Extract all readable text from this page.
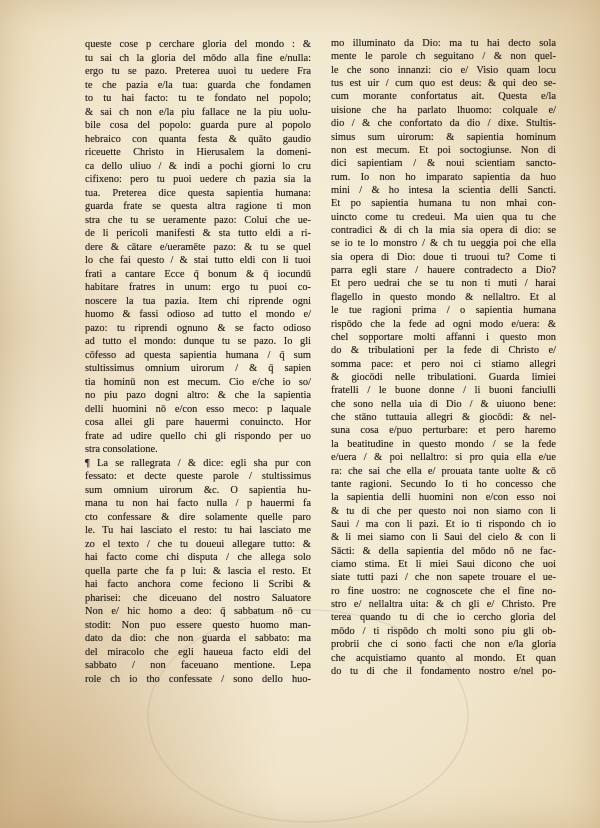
queste cose p cerchare gloria del mondo : &
tu sai ch la gloria del mōdo alla fine e/nulla:
ergo tu se pazo. Preterea uuoi tu uedere Fra
te che pazia e/la tua: guarda che fondamen
to tu hai facto: tu te fondato nel popolo;
& sai ch non e/la piu fallace ne la piu uolu-
bile cosa del popolo: guarda pure al popolo
hebraico con quanta festa & quāto gaudio
riceuette Christo in Hierusalem la domeni-
ca dello uliuo / & indi a pochi giorni lo cru
cifixeno: pero tu puoi uedere ch pazia sia la
tua. Preterea dice questa sapientia humana:
guarda frate se questa altra ragione ti mon
stra che tu se ueramente pazo: Colui che ue-
de li pericoli manifesti & sta tutto eldi a ri-
dere & cātare e/ueramēte pazo: & tu se quel
lo che fai questo / & stai tutto eldi con li tuoi
frati a cantare Ecce q̄ bonum & q̄ iocundū
habitare fratres in unum: ergo tu puoi co-
noscere la tua pazia. Item chi riprende ogni
huomo & fassi odioso ad tutto el mondo e/
pazo: tu riprendi ognuno & se facto odioso
ad tutto el mondo: dunque tu se pazo. Io gli
cōfesso ad questa sapientia humana / q̄ sum
stultissimus omnium uirorum / & q̄ sapien
tia hominū non est mecum. Cio e/che io so/
no piu pazo dogni altro: & che la sapientia
delli huomini nō e/con esso meco: p laquale
cosa allei gli pare hauermi conuincto. Hor
frate ad udire quello chi gli rispondo per uo
stra consolatione.
¶ La se rallegrata / & dice: egli sha pur con
fessato: et decte queste parole / stultissimus
sum omnium uirorum &c. O sapientia hu-
mana tu non hai facto nulla / p hauermi fa
cto confessare & dire solamente quelle paro
le. Tu hai lasciato el resto: tu hai lasciato me
zo el texto / che tu doueui allegare tutto: &
hai facto come chi disputa / che allega solo
quella parte che fa p lui: & lascia el resto. Et
hai facto anchora come feciono li Scribi &
pharisei: che diceuano del nostro Saluatore
Non e/ hic homo a deo: q̄ sabbatum nō cu
stodit: Non puo essere questo huomo man-
dato da dio: che non guarda el sabbato: ma
del miracolo che egli haueua facto eldi del
sabbato / non faceuano mentione. Lepa
role ch io tho confessate / sono dello huo-
mo illuminato da Dio: ma tu hai decto sola
mente le parole ch seguitano / & non quel-
le che sono innanzi: cio e/ Visio quam locu
tus est uir / cum quo est deus: & qui deo se-
cum morante confortatus ait. Questa e/la
uisione che ha parlato lhuomo: colquale e/
dio / & che confortato da dio / dixe. Stultis-
simus sum uirorum: & sapientia hominum
non est mecum. Et poi soctogiunse. Non di
dici sapientiam / & noui scientiam sancto-
rum. Io non ho imparato sapientia da huo
mini / & ho intesa la scientia delli Sancti.
Et po sapientia humana tu non mhai con-
uincto come tu credeui. Ma uien qua tu che
contradici & di ch la mia sia opera di dio: se
se io te lo monstro / & ch tu ueggia poi che ella
sia opera di Dio: doue ti truoui tu? Come ti
parra egli stare / hauere contradecto a Dio?
Et pero uedrai che se tu non ti muti / harai
flagello in questo mondo & nellaltro. Et al
le tue ragioni prima / o sapientia humana
rispōdo che la fede ad ogni modo e/uera: &
chel sopportare molti affanni i questo mon
do & tribulationi per la fede di Christo e/
somma pace: et pero noi ci stiamo allegri
& giocōdi nelle tribulationi. Guarda limiei
fratelli / le buone donne / li buoni fanciulli
che sono nella uia di Dio / & uiuono bene:
che stāno tuttauia allegri & giocōdi: & nel-
suna cosa e/puo perturbare: et pero haremo
la beatitudine in questo mondo / se la fede
e/uera / & poi nellaltro: si pro quia ella e/ue
ra: che sai che ella e/ prouata tante uolte & cō
tante ragioni. Secundo Io ti ho concesso che
la sapientia delli huomini non e/con esso noi
& tu di che per questo noi non siamo con li
Saui / ma con li pazi. Et io ti rispondo ch io
& li mei siamo con li Saui del cielo & con li
Sācti: & della sapientia del mōdo nō ne fac-
ciamo stima. Et li miei Saui dicono che uoi
siate tutti pazi / che non sapete trouare el ue-
ro fine uostro: ne cognoscete che el fine no-
stro e/ nellaltra uita: & ch gli e/ Christo. Pre
terea quando tu di che io cercho gloria del
mōdo / ti rispōdo ch molti sono piu gli ob-
probrii che ci sono facti che non e/la gloria
che acquistiamo quanto al mondo. Et quan
do tu di che il fondamento nostro e/nel po-
